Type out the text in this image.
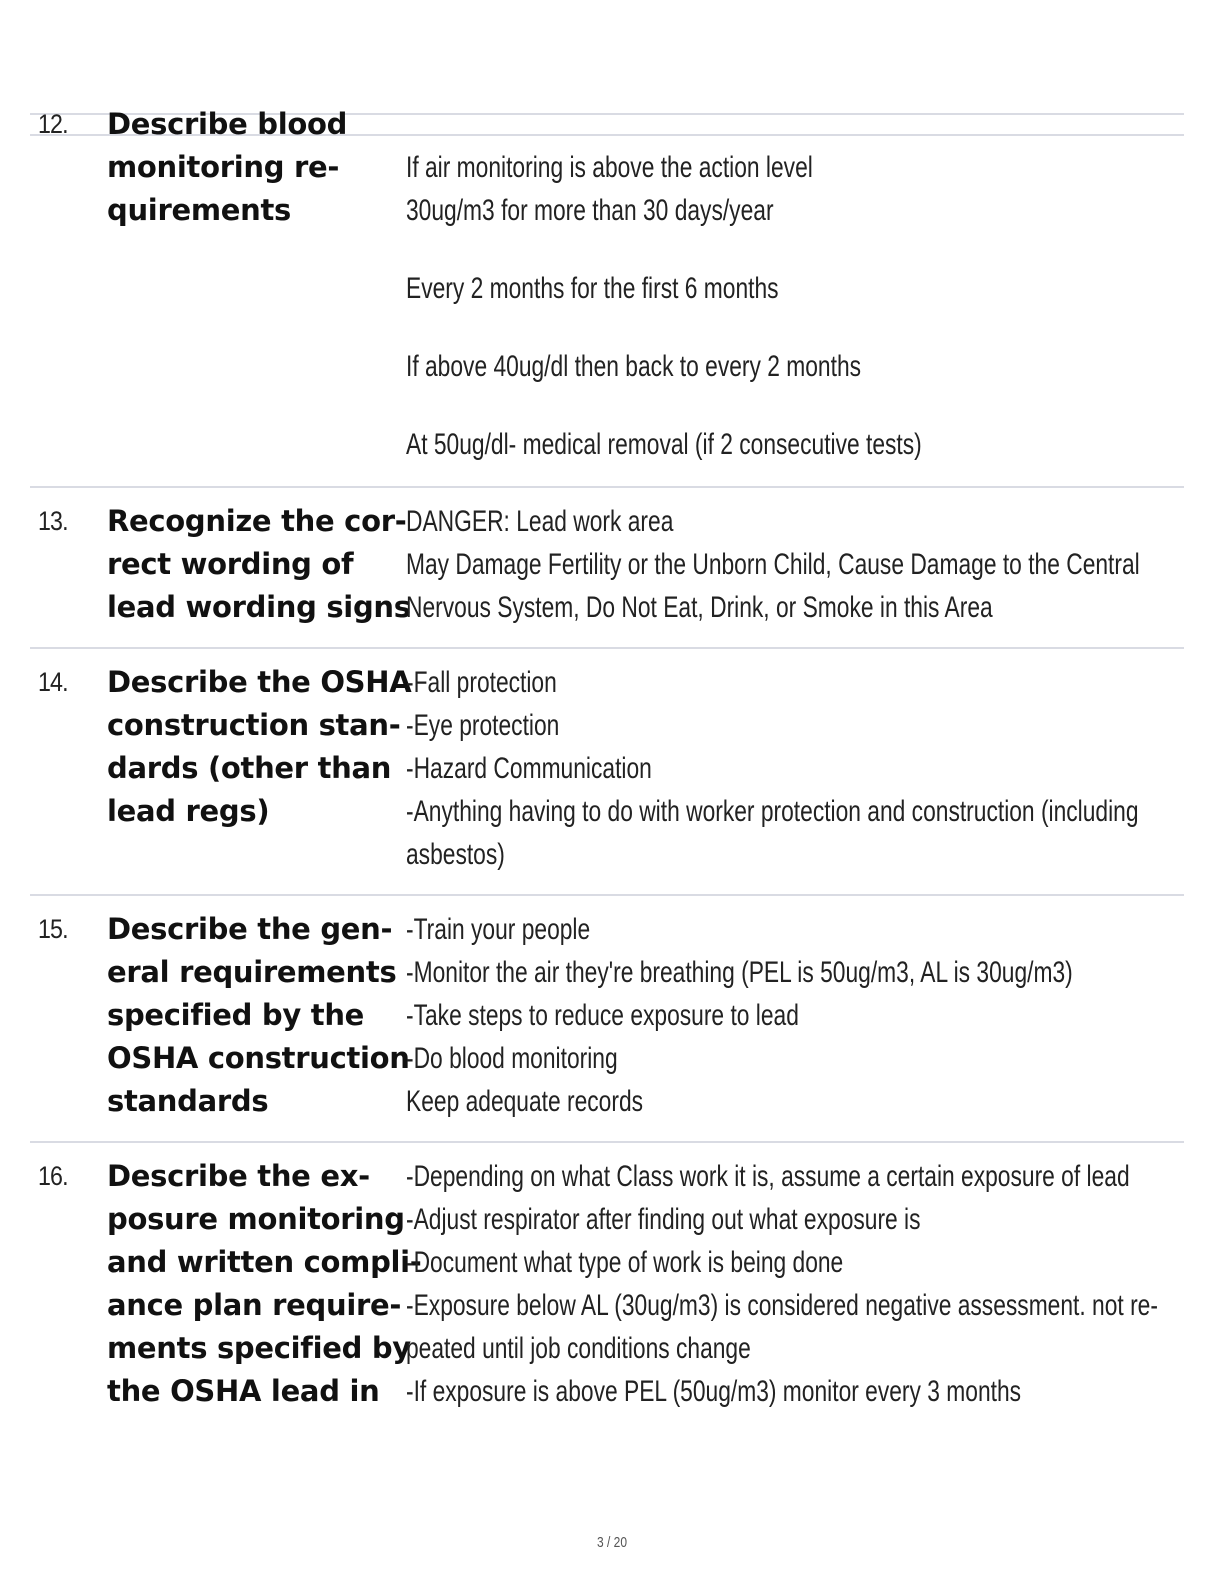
12. Describe blood
monitoring re-
quirements
If air monitoring is above the action level
30ug/m3 for more than 30 days/year
Every 2 months for the first 6 months
If above 40ug/dl then back to every 2 months
At 50ug/dl- medical removal (if 2 consecutive tests)
13. Recognize the cor-
rect wording of
lead wording signs
DANGER: Lead work area
May Damage Fertility or the Unborn Child, Cause Damage to the Central
Nervous System, Do Not Eat, Drink, or Smoke in this Area
14. Describe the OSHA
construction stan-
dards (other than
lead regs)
-Fall protection
-Eye protection
-Hazard Communication
-Anything having to do with worker protection and construction (including
asbestos)
15. Describe the gen-
eral requirements
specified by the
OSHA construction
standards
-Train your people
-Monitor the air they're breathing (PEL is 50ug/m3, AL is 30ug/m3)
-Take steps to reduce exposure to lead
-Do blood monitoring
Keep adequate records
16. Describe the ex-
posure monitoring
and written compli-
ance plan require-
ments specified by
the OSHA lead in
-Depending on what Class work it is, assume a certain exposure of lead
-Adjust respirator after finding out what exposure is
-Document what type of work is being done
-Exposure below AL (30ug/m3) is considered negative assessment. not re-
peated until job conditions change
-If exposure is above PEL (50ug/m3) monitor every 3 months
3 / 20
